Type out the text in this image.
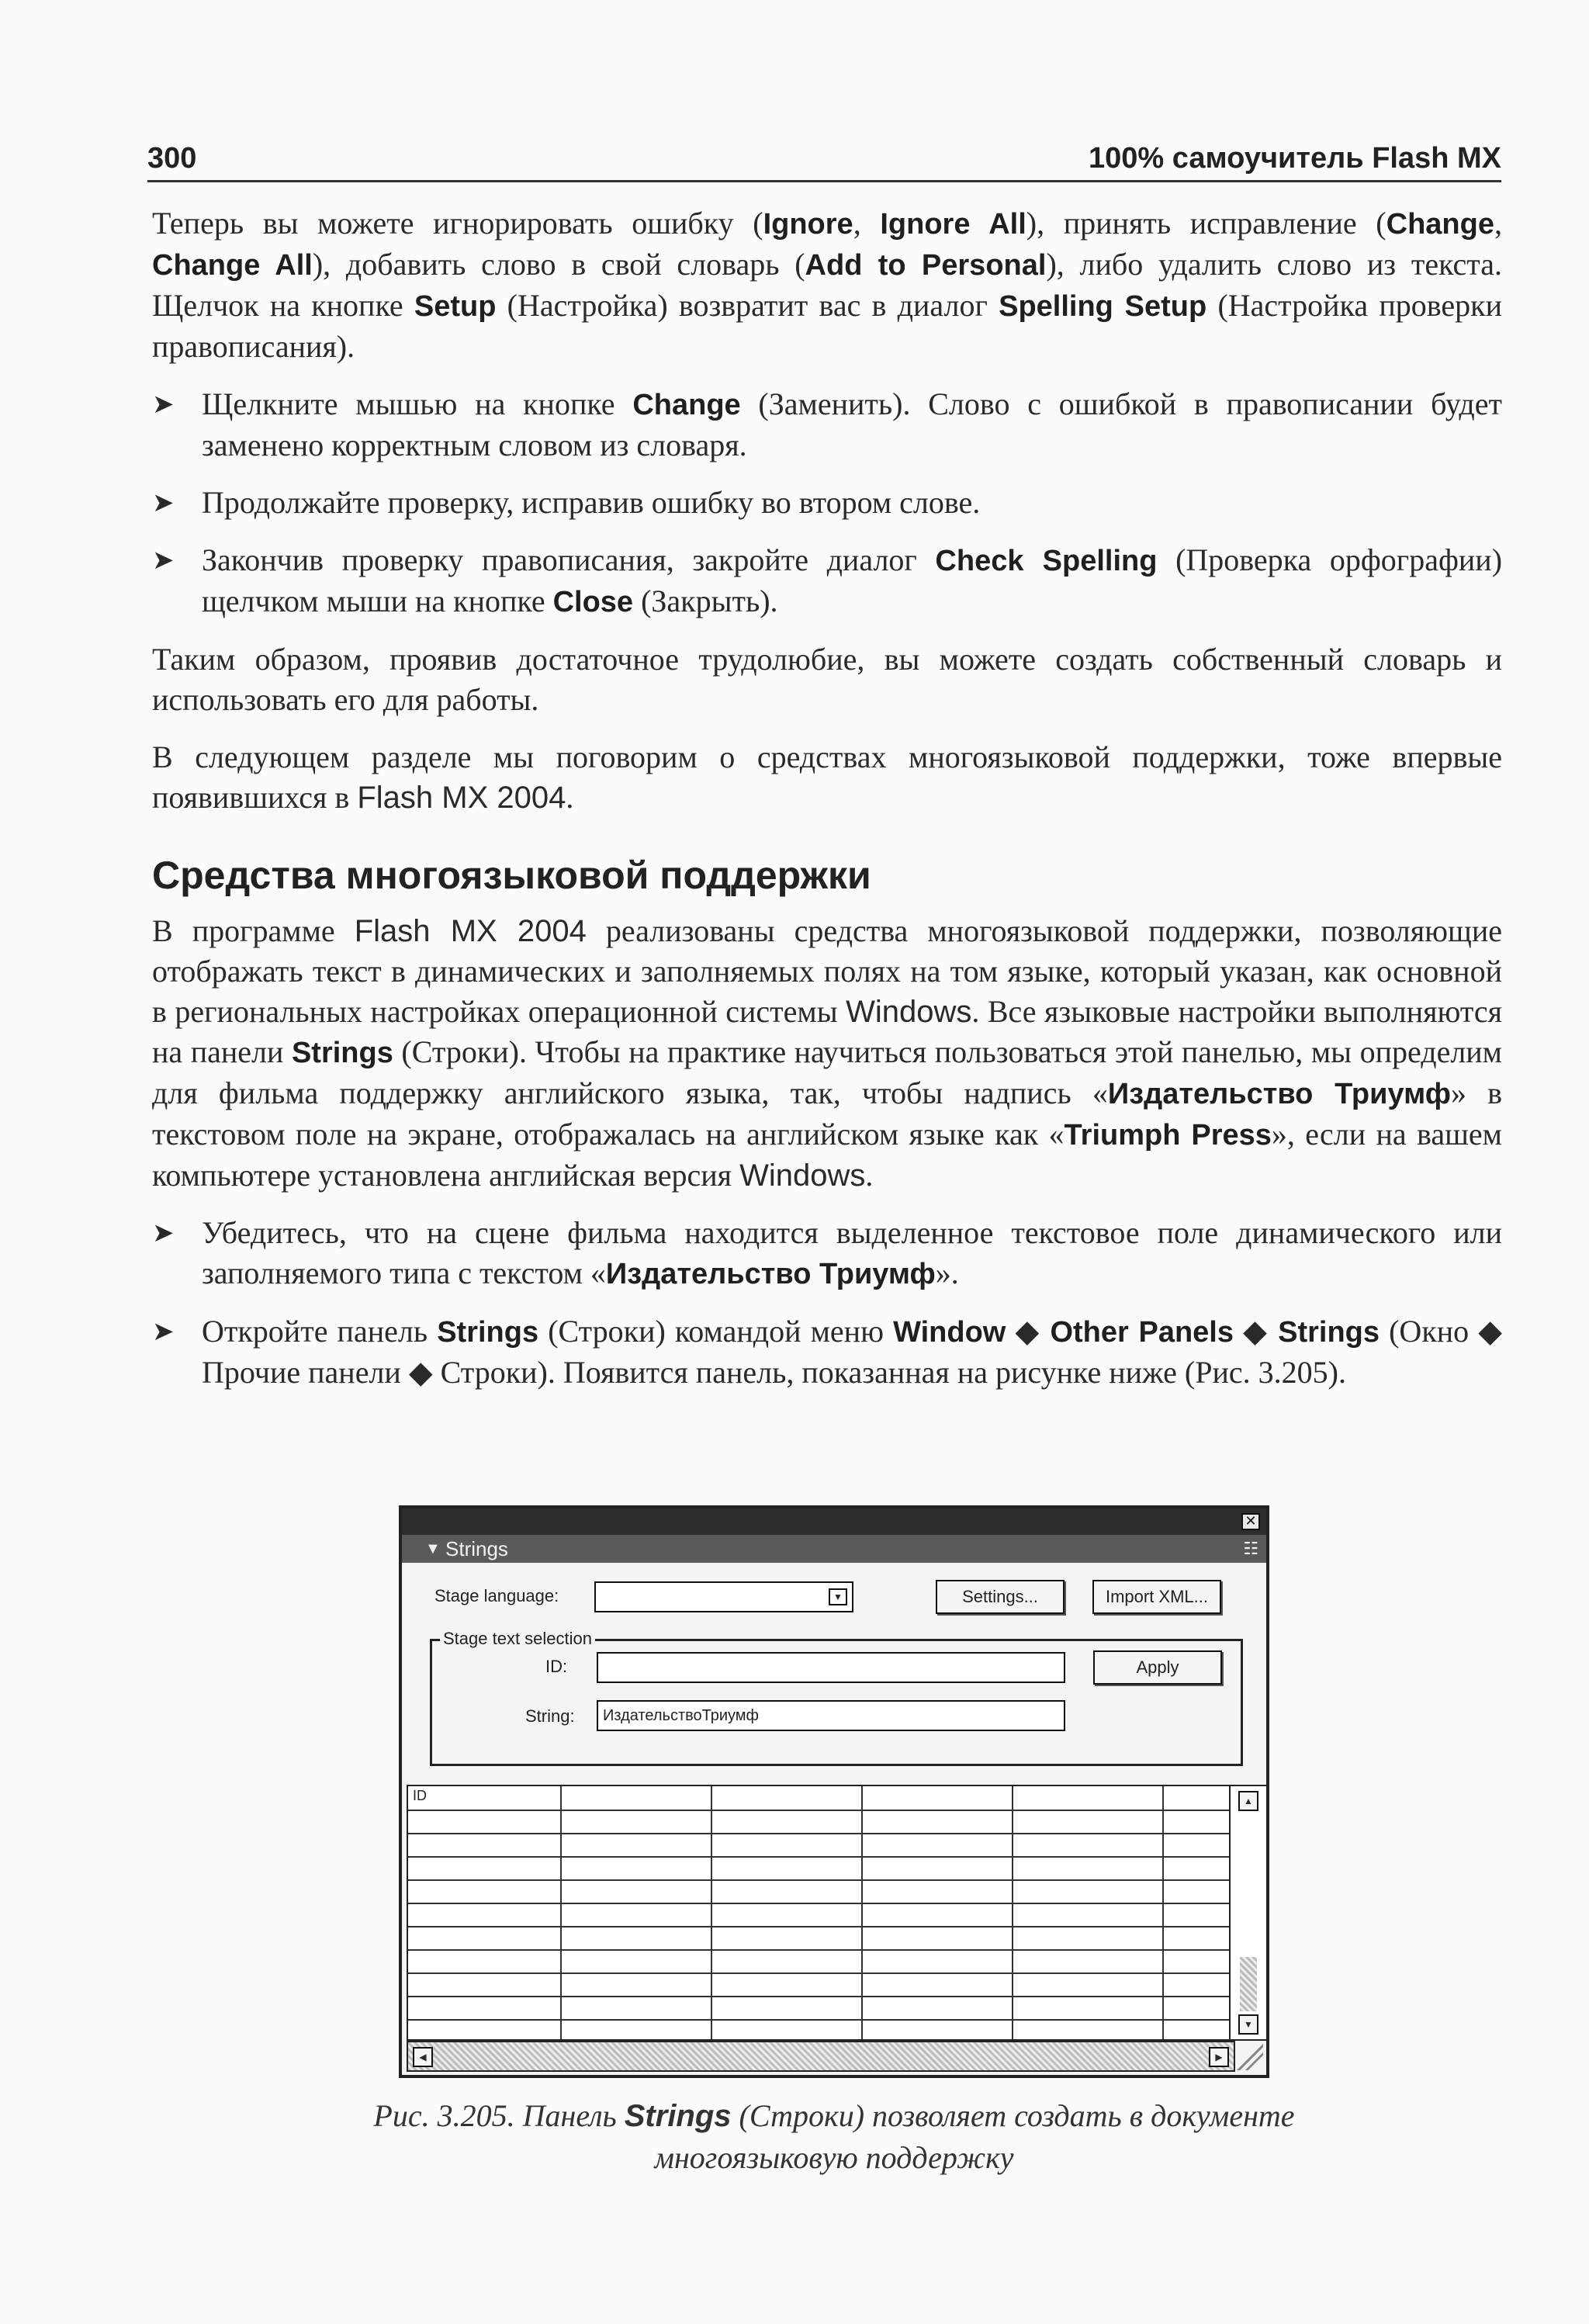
300	100% самоучитель Flash MX

Теперь вы можете игнорировать ошибку (Ignore, Ignore All), принять исправление (Change, Change All), добавить слово в свой словарь (Add to Personal), либо удалить слово из текста. Щелчок на кнопке Setup (Настройка) возвратит вас в диалог Spelling Setup (Настройка проверки правописания).

➤ Щелкните мышью на кнопке Change (Заменить). Слово с ошибкой в правописании будет заменено корректным словом из словаря.
➤ Продолжайте проверку, исправив ошибку во втором слове.
➤ Закончив проверку правописания, закройте диалог Check Spelling (Проверка орфографии) щелчком мыши на кнопке Close (Закрыть).

Таким образом, проявив достаточное трудолюбие, вы можете создать собственный словарь и использовать его для работы.

В следующем разделе мы поговорим о средствах многоязыковой поддержки, тоже впервые появившихся в Flash MX 2004.

Средства многоязыковой поддержки

В программе Flash MX 2004 реализованы средства многоязыковой поддержки, позволяющие отображать текст в динамических и заполняемых полях на том языке, который указан, как основной в региональных настройках операционной системы Windows. Все языковые настройки выполняются на панели Strings (Строки). Чтобы на практике научиться пользоваться этой панелью, мы определим для фильма поддержку английского языка, так, чтобы надпись «Издательство Триумф» в текстовом поле на экране, отображалась на английском языке как «Triumph Press», если на вашем компьютере установлена английская версия Windows.

➤ Убедитесь, что на сцене фильма находится выделенное текстовое поле динамического или заполняемого типа с текстом «Издательство Триумф».
➤ Откройте панель Strings (Строки) командой меню Window ◆ Other Panels ◆ Strings (Окно ◆ Прочие панели ◆ Строки). Появится панель, показанная на рисунке ниже (Рис. 3.205).
✕
▼ Strings	☷
Stage language:	▼	Settings...	Import XML...
Stage text selection
ID:	Apply
String:	ИздательствоТриумф
ID	▲
▼
◀	▶
Рис. 3.205. Панель Strings (Строки) позволяет создать в документе многоязыковую поддержку
